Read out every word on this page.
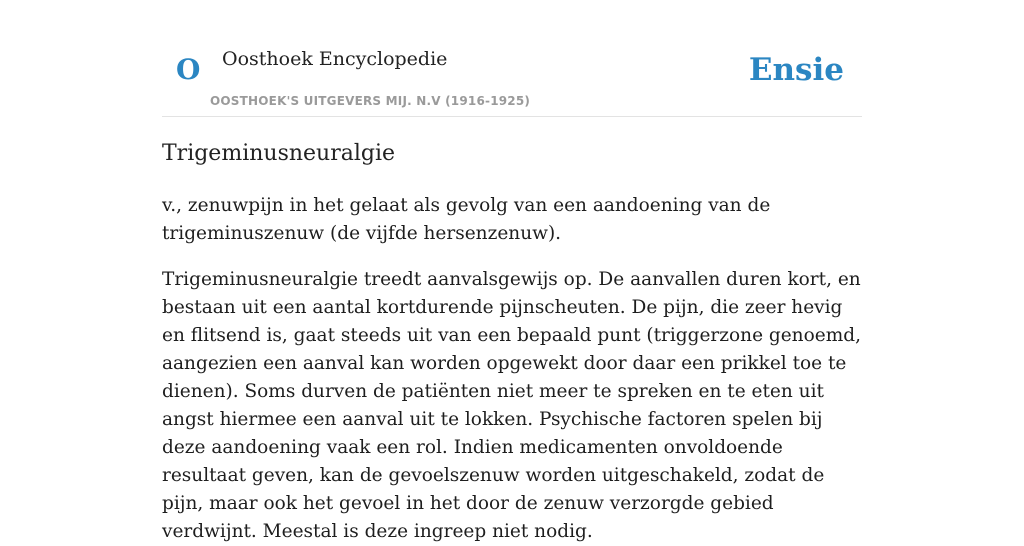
O Oosthoek Encyclopedie
OOSTHOEK'S UITGEVERS MIJ. N.V (1916-1925)
Ensie
Trigeminusneuralgie

v., zenuwpijn in het gelaat als gevolg van een aandoening van de trigeminuszenuw (de vijfde hersenzenuw).

Trigeminusneuralgie treedt aanvalsgewijs op. De aanvallen duren kort, en bestaan uit een aantal kortdurende pijnscheuten. De pijn, die zeer hevig en flitsend is, gaat steeds uit van een bepaald punt (triggerzone genoemd, aangezien een aanval kan worden opgewekt door daar een prikkel toe te dienen). Soms durven de patiënten niet meer te spreken en te eten uit angst hiermee een aanval uit te lokken. Psychische factoren spelen bij deze aandoening vaak een rol. Indien medicamenten onvoldoende resultaat geven, kan de gevoelszenuw worden uitgeschakeld, zodat de pijn, maar ook het gevoel in het door de zenuw verzorgde gebied verdwijnt. Meestal is deze ingreep niet nodig.
